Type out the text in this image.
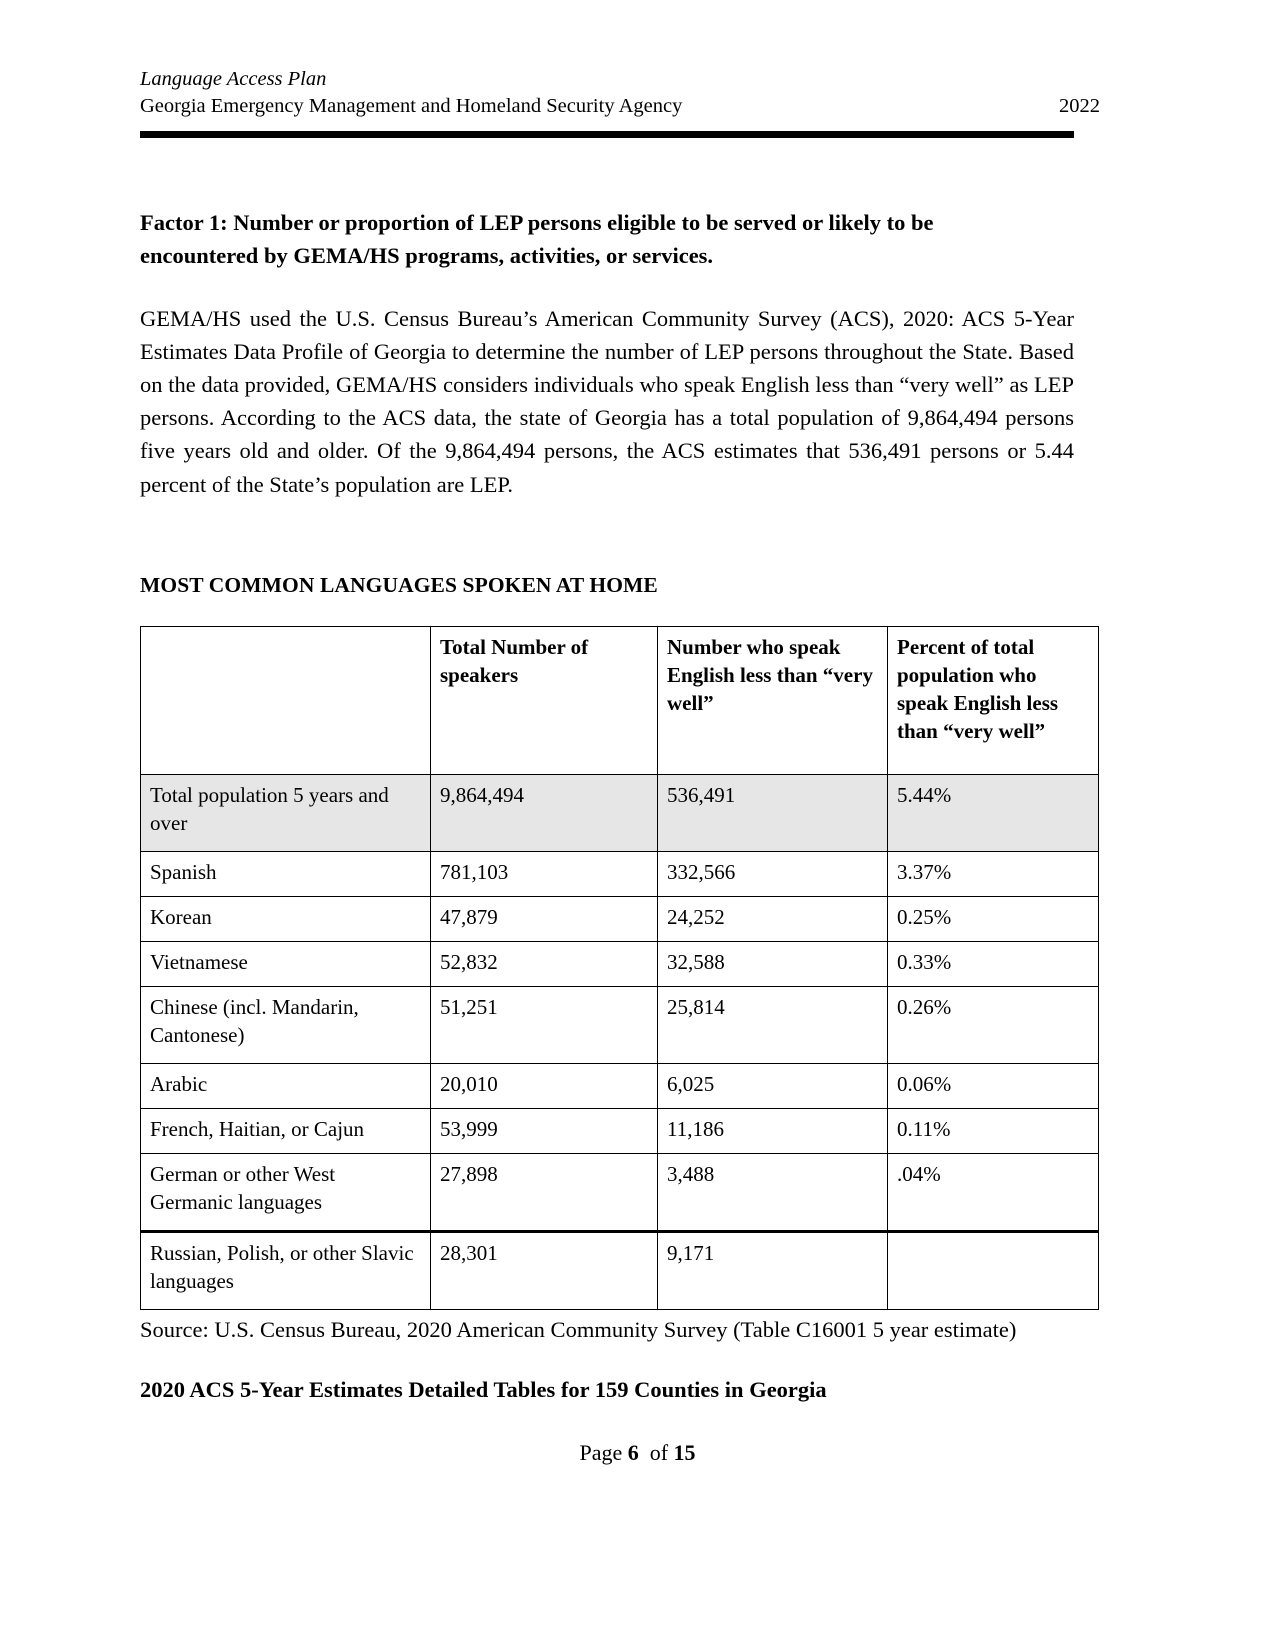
Language Access Plan
Georgia Emergency Management and Homeland Security Agency	2022
Factor 1: Number or proportion of LEP persons eligible to be served or likely to be encountered by GEMA/HS programs, activities, or services.
GEMA/HS used the U.S. Census Bureau’s American Community Survey (ACS), 2020: ACS 5-Year Estimates Data Profile of Georgia to determine the number of LEP persons throughout the State. Based on the data provided, GEMA/HS considers individuals who speak English less than “very well” as LEP persons. According to the ACS data, the state of Georgia has a total population of 9,864,494 persons five years old and older. Of the 9,864,494 persons, the ACS estimates that 536,491 persons or 5.44 percent of the State’s population are LEP.
MOST COMMON LANGUAGES SPOKEN AT HOME
	Total Number of speakers	Number who speak English less than “very well”	Percent of total population who speak English less than “very well”
Total population 5 years and over	9,864,494	536,491	5.44%
Spanish	781,103	332,566	3.37%
Korean	47,879	24,252	0.25%
Vietnamese	52,832	32,588	0.33%
Chinese (incl. Mandarin, Cantonese)	51,251	25,814	0.26%
Arabic	20,010	6,025	0.06%
French, Haitian, or Cajun	53,999	11,186	0.11%
German or other West Germanic languages	27,898	3,488	.04%
Russian, Polish, or other Slavic languages	28,301	9,171	
Source: U.S. Census Bureau, 2020 American Community Survey (Table C16001 5 year estimate)
2020 ACS 5-Year Estimates Detailed Tables for 159 Counties in Georgia
Page 6 of 15
